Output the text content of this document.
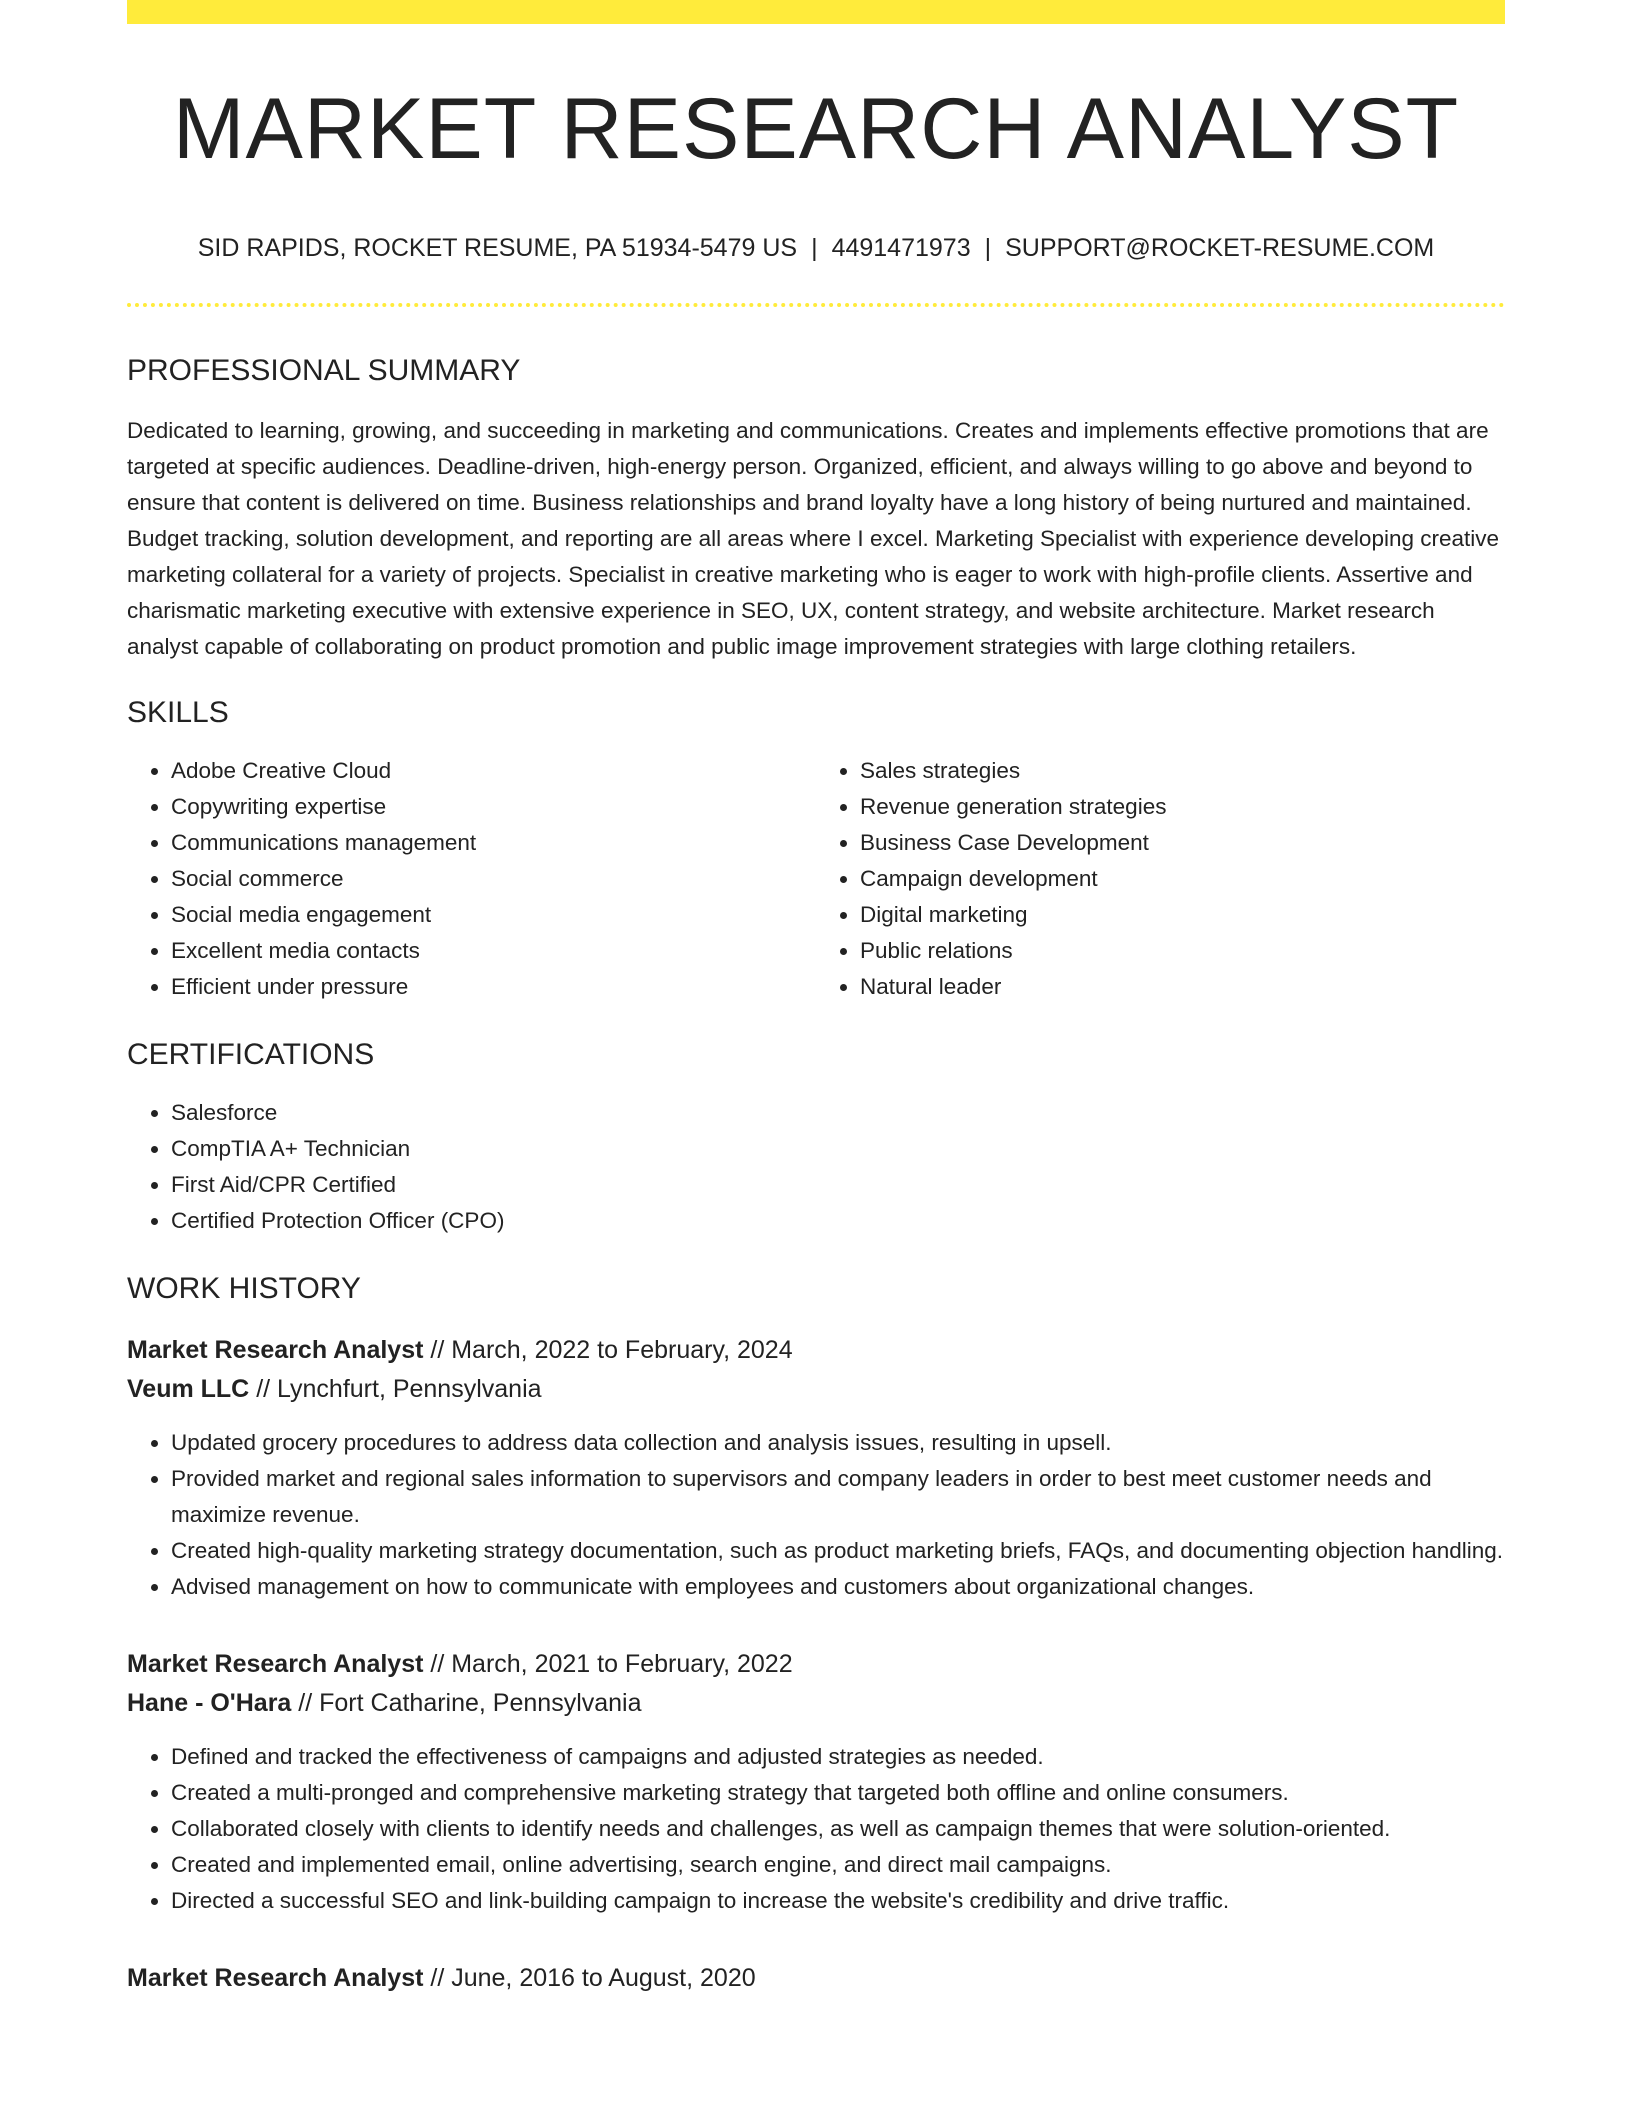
MARKET RESEARCH ANALYST
SID RAPIDS, ROCKET RESUME, PA 51934-5479 US | 4491471973 | SUPPORT@ROCKET-RESUME.COM
PROFESSIONAL SUMMARY
Dedicated to learning, growing, and succeeding in marketing and communications. Creates and implements effective promotions that are targeted at specific audiences. Deadline-driven, high-energy person. Organized, efficient, and always willing to go above and beyond to ensure that content is delivered on time. Business relationships and brand loyalty have a long history of being nurtured and maintained. Budget tracking, solution development, and reporting are all areas where I excel. Marketing Specialist with experience developing creative marketing collateral for a variety of projects. Specialist in creative marketing who is eager to work with high-profile clients. Assertive and charismatic marketing executive with extensive experience in SEO, UX, content strategy, and website architecture. Market research analyst capable of collaborating on product promotion and public image improvement strategies with large clothing retailers.
SKILLS
• Adobe Creative Cloud
• Copywriting expertise
• Communications management
• Social commerce
• Social media engagement
• Excellent media contacts
• Efficient under pressure
• Sales strategies
• Revenue generation strategies
• Business Case Development
• Campaign development
• Digital marketing
• Public relations
• Natural leader
CERTIFICATIONS
• Salesforce
• CompTIA A+ Technician
• First Aid/CPR Certified
• Certified Protection Officer (CPO)
WORK HISTORY
Market Research Analyst // March, 2022 to February, 2024
Veum LLC // Lynchfurt, Pennsylvania
• Updated grocery procedures to address data collection and analysis issues, resulting in upsell.
• Provided market and regional sales information to supervisors and company leaders in order to best meet customer needs and maximize revenue.
• Created high-quality marketing strategy documentation, such as product marketing briefs, FAQs, and documenting objection handling.
• Advised management on how to communicate with employees and customers about organizational changes.
Market Research Analyst // March, 2021 to February, 2022
Hane - O'Hara // Fort Catharine, Pennsylvania
• Defined and tracked the effectiveness of campaigns and adjusted strategies as needed.
• Created a multi-pronged and comprehensive marketing strategy that targeted both offline and online consumers.
• Collaborated closely with clients to identify needs and challenges, as well as campaign themes that were solution-oriented.
• Created and implemented email, online advertising, search engine, and direct mail campaigns.
• Directed a successful SEO and link-building campaign to increase the website's credibility and drive traffic.
Market Research Analyst // June, 2016 to August, 2020
